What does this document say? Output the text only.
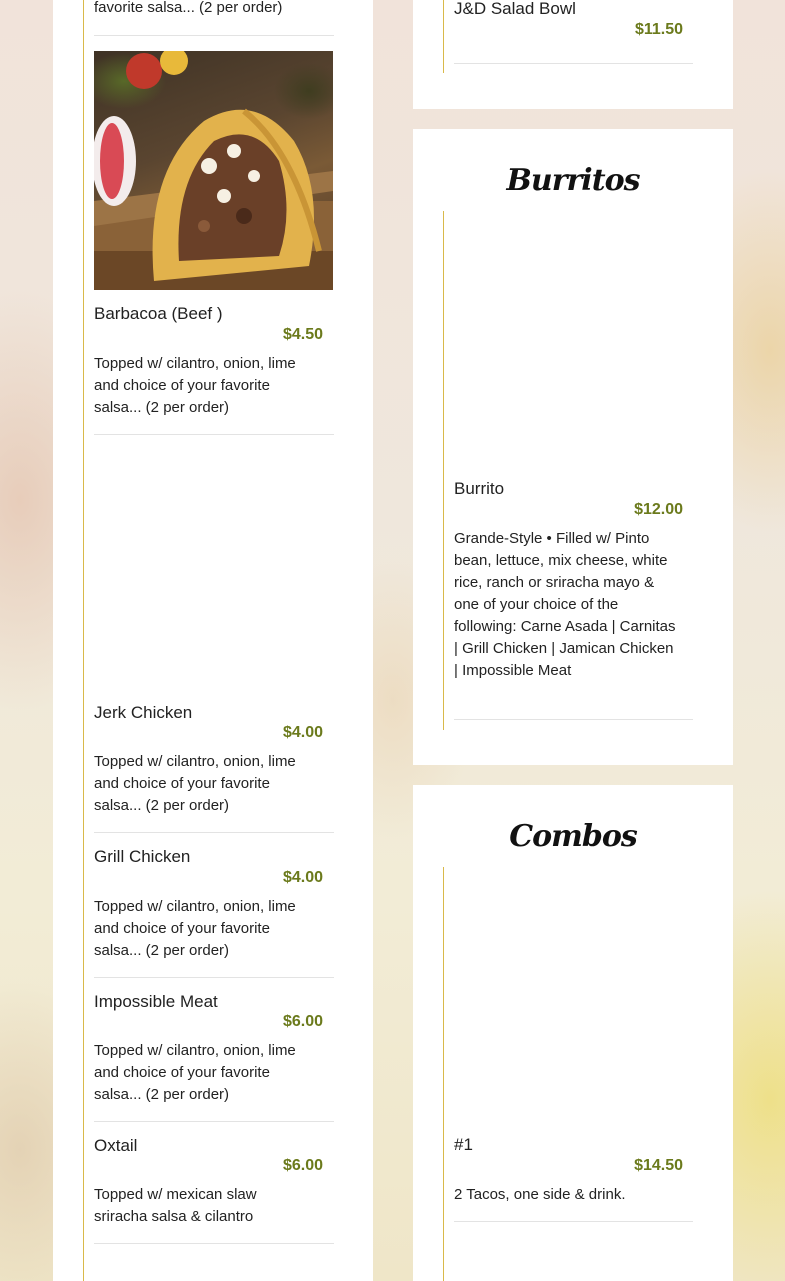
favorite salsa... (2 per order)
Barbacoa (Beef )
$4.50
Topped w/ cilantro, onion, lime and choice of your favorite salsa... (2 per order)
Jerk Chicken
$4.00
Topped w/ cilantro, onion, lime and choice of your favorite salsa... (2 per order)
Grill Chicken
$4.00
Topped w/ cilantro, onion, lime and choice of your favorite salsa... (2 per order)
Impossible Meat
$6.00
Topped w/ cilantro, onion, lime and choice of your favorite salsa... (2 per order)
Oxtail
$6.00
Topped w/ mexican slaw sriracha salsa & cilantro
J&D Salad Bowl
$11.50
Burritos
Burrito
$12.00
Grande-Style • Filled w/ Pinto bean, lettuce, mix cheese, white rice, ranch or sriracha mayo & one of your choice of the following: Carne Asada | Carnitas | Grill Chicken | Jamican Chicken | Impossible Meat
Combos
#1
$14.50
2 Tacos, one side & drink.
